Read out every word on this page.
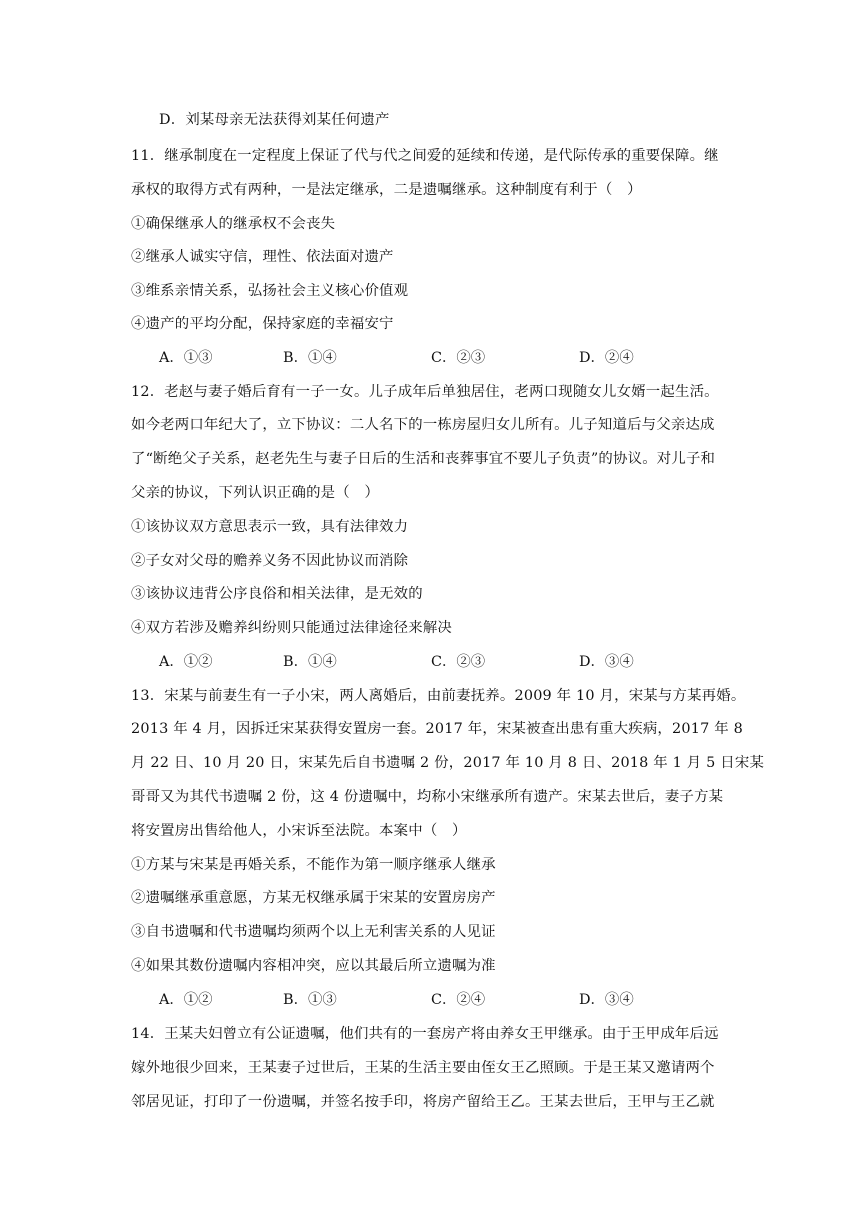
D．刘某母亲无法获得刘某任何遗产
11．继承制度在一定程度上保证了代与代之间爱的延续和传递，是代际传承的重要保障。继
承权的取得方式有两种，一是法定继承，二是遗嘱继承。这种制度有利于（　）
①确保继承人的继承权不会丧失
②继承人诚实守信，理性、依法面对遗产
③维系亲情关系，弘扬社会主义核心价值观
④遗产的平均分配，保持家庭的幸福安宁
A．①③	B．①④	C．②③	D．②④
12．老赵与妻子婚后育有一子一女。儿子成年后单独居住，老两口现随女儿女婿一起生活。
如今老两口年纪大了，立下协议：二人名下的一栋房屋归女儿所有。儿子知道后与父亲达成
了“断绝父子关系，赵老先生与妻子日后的生活和丧葬事宜不要儿子负责”的协议。对儿子和
父亲的协议，下列认识正确的是（　）
①该协议双方意思表示一致，具有法律效力
②子女对父母的赡养义务不因此协议而消除
③该协议违背公序良俗和相关法律，是无效的
④双方若涉及赡养纠纷则只能通过法律途径来解决
A．①②	B．①④	C．②③	D．③④
13．宋某与前妻生有一子小宋，两人离婚后，由前妻抚养。2009 年 10 月，宋某与方某再婚。
2013 年 4 月，因拆迁宋某获得安置房一套。2017 年，宋某被查出患有重大疾病，2017 年 8
月 22 日、10 月 20 日，宋某先后自书遗嘱 2 份，2017 年 10 月 8 日、2018 年 1 月 5 日宋某
哥哥又为其代书遗嘱 2 份，这 4 份遗嘱中，均称小宋继承所有遗产。宋某去世后，妻子方某
将安置房出售给他人，小宋诉至法院。本案中（　）
①方某与宋某是再婚关系，不能作为第一顺序继承人继承
②遗嘱继承重意愿，方某无权继承属于宋某的安置房房产
③自书遗嘱和代书遗嘱均须两个以上无利害关系的人见证
④如果其数份遗嘱内容相冲突，应以其最后所立遗嘱为准
A．①②	B．①③	C．②④	D．③④
14．王某夫妇曾立有公证遗嘱，他们共有的一套房产将由养女王甲继承。由于王甲成年后远
嫁外地很少回来，王某妻子过世后，王某的生活主要由侄女王乙照顾。于是王某又邀请两个
邻居见证，打印了一份遗嘱，并签名按手印，将房产留给王乙。王某去世后，王甲与王乙就
